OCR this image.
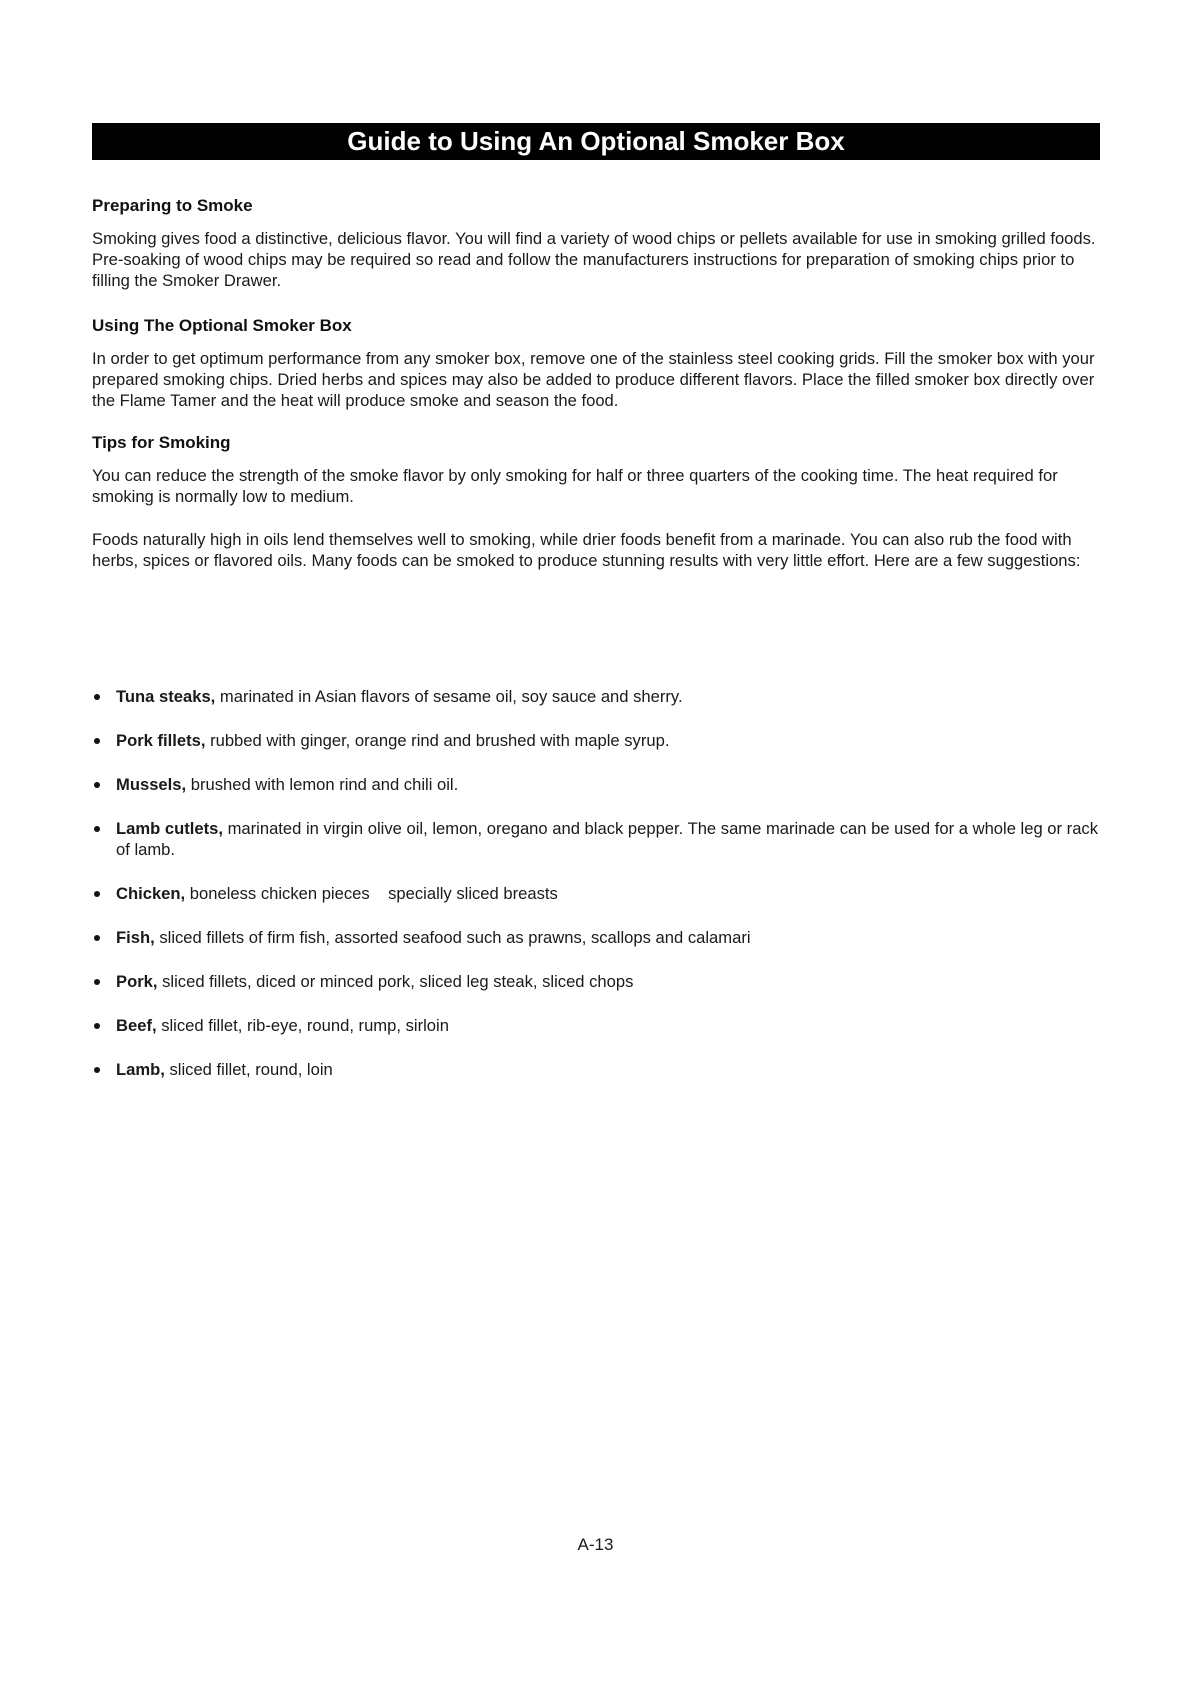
Guide to Using An Optional Smoker Box
Preparing to Smoke

Smoking gives food a distinctive, delicious flavor. You will find a variety of wood chips or pellets available for use in smoking grilled foods. Pre-soaking of wood chips may be required so read and follow the manufacturers instructions for preparation of smoking chips prior to filling the Smoker Drawer.

Using The Optional Smoker Box

In order to get optimum performance from any smoker box, remove one of the stainless steel cooking grids. Fill the smoker box with your prepared smoking chips. Dried herbs and spices may also be added to produce different flavors. Place the filled smoker box directly over the Flame Tamer and the heat will produce smoke and season the food.

Tips for Smoking

You can reduce the strength of the smoke flavor by only smoking for half or three quarters of the cooking time. The heat required for smoking is normally low to medium.

Foods naturally high in oils lend themselves well to smoking, while drier foods benefit from a marinade. You can also rub the food with herbs, spices or flavored oils. Many foods can be smoked to produce stunning results with very little effort. Here are a few suggestions:

Tuna steaks, marinated in Asian flavors of sesame oil, soy sauce and sherry.
Pork fillets, rubbed with ginger, orange rind and brushed with maple syrup.
Mussels, brushed with lemon rind and chili oil.
Lamb cutlets, marinated in virgin olive oil, lemon, oregano and black pepper. The same marinade can be used for a whole leg or rack of lamb.
Chicken, boneless chicken pieces    specially sliced breasts
Fish, sliced fillets of firm fish, assorted seafood such as prawns, scallops and calamari
Pork, sliced fillets, diced or minced pork, sliced leg steak, sliced chops
Beef, sliced fillet, rib-eye, round, rump, sirloin
Lamb, sliced fillet, round, loin
A-13
